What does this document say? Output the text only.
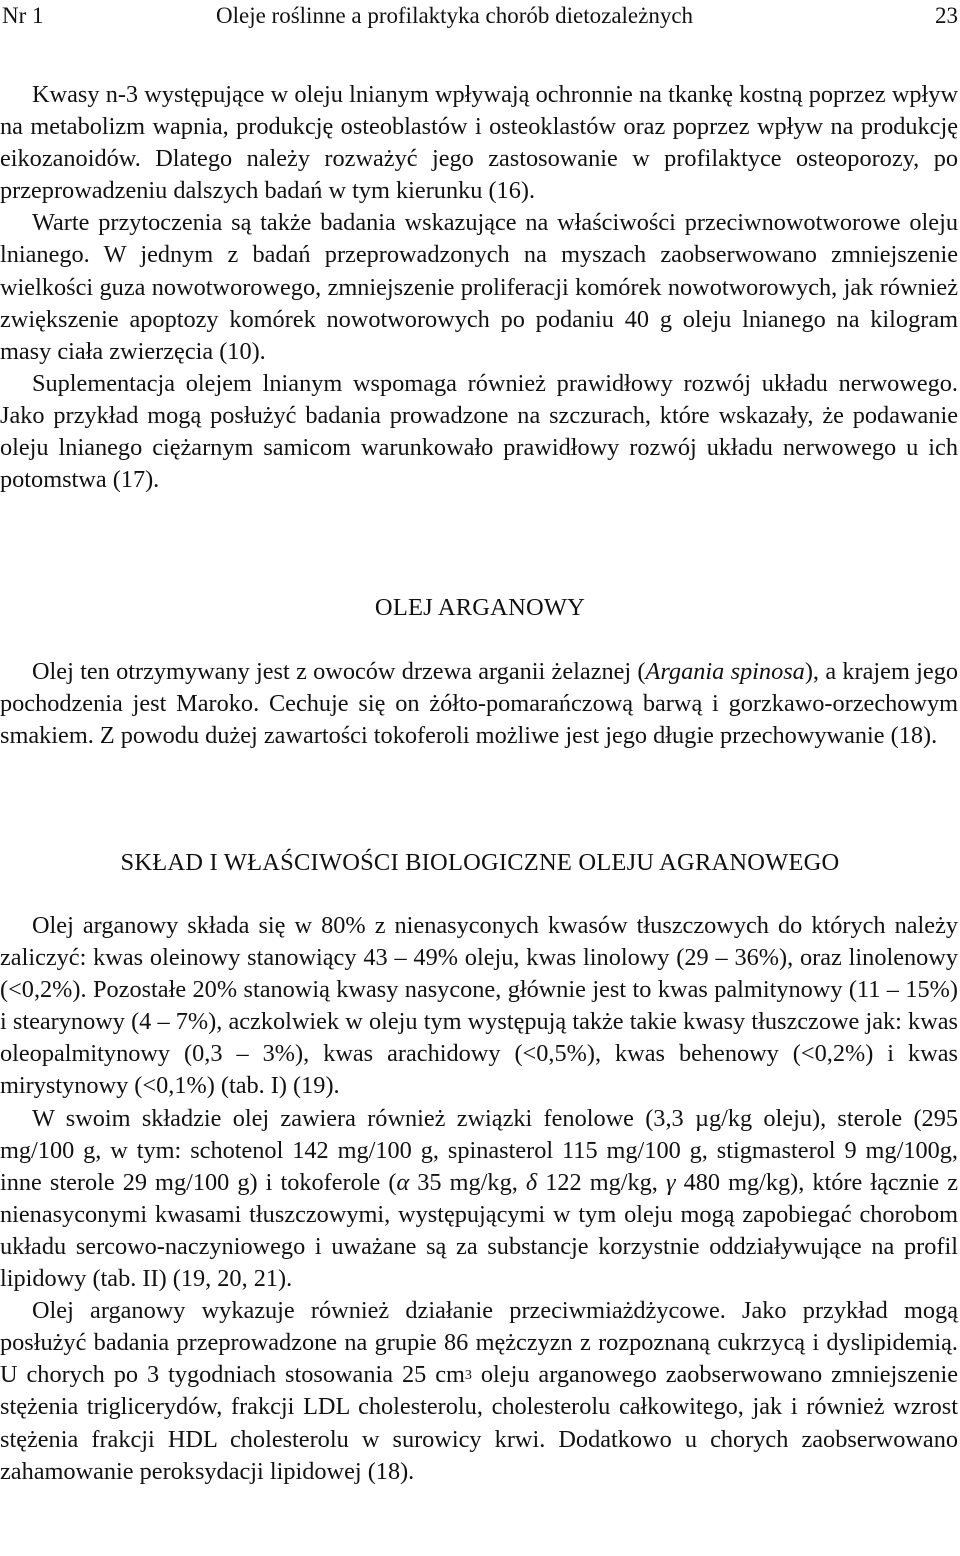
Nr 1	Oleje roślinne a profilaktyka chorób dietozależnych	23

Kwasy n-3 występujące w oleju lnianym wpływają ochronnie na tkankę kostną poprzez wpływ na metabolizm wapnia, produkcję osteoblastów i osteoklastów oraz poprzez wpływ na produkcję eikozanoidów. Dlatego należy rozważyć jego zastosowanie w profilaktyce osteoporozy, po przeprowadzeniu dalszych badań w tym kierunku (16).

Warte przytoczenia są także badania wskazujące na właściwości przeciwnowotworowe oleju lnianego. W jednym z badań przeprowadzonych na myszach zaobserwowano zmniejszenie wielkości guza nowotworowego, zmniejszenie proliferacji komórek nowotworowych, jak również zwiększenie apoptozy komórek nowotworowych po podaniu 40 g oleju lnianego na kilogram masy ciała zwierzęcia (10).

Suplementacja olejem lnianym wspomaga również prawidłowy rozwój układu nerwowego. Jako przykład mogą posłużyć badania prowadzone na szczurach, które wskazały, że podawanie oleju lnianego ciężarnym samicom warunkowało prawidłowy rozwój układu nerwowego u ich potomstwa (17).

OLEJ ARGANOWY

Olej ten otrzymywany jest z owoców drzewa arganii żelaznej (Argania spinosa), a krajem jego pochodzenia jest Maroko. Cechuje się on żółto-pomarańczową barwą i gorzkawo-orzechowym smakiem. Z powodu dużej zawartości tokoferoli możliwe jest jego długie przechowywanie (18).

SKŁAD I WŁAŚCIWOŚCI BIOLOGICZNE OLEJU AGRANOWEGO

Olej arganowy składa się w 80% z nienasyconych kwasów tłuszczowych do których należy zaliczyć: kwas oleinowy stanowiący 43 – 49% oleju, kwas linolowy (29 – 36%), oraz linolenowy (<0,2%). Pozostałe 20% stanowią kwasy nasycone, głównie jest to kwas palmitynowy (11 – 15%) i stearynowy (4 – 7%), aczkolwiek w oleju tym występują także takie kwasy tłuszczowe jak: kwas oleopalmitynowy (0,3 – 3%), kwas arachidowy (<0,5%), kwas behenowy (<0,2%) i kwas mirystynowy (<0,1%) (tab. I) (19).

W swoim składzie olej zawiera również związki fenolowe (3,3 µg/kg oleju), sterole (295 mg/100 g, w tym: schotenol 142 mg/100 g, spinasterol 115 mg/100 g, stigmasterol 9 mg/100g, inne sterole 29 mg/100 g) i tokoferole (α 35 mg/kg, δ 122 mg/kg, γ 480 mg/kg), które łącznie z nienasyconymi kwasami tłuszczowymi, występującymi w tym oleju mogą zapobiegać chorobom układu sercowo-naczyniowego i uważane są za substancje korzystnie oddziaływujące na profil lipidowy (tab. II) (19, 20, 21).

Olej arganowy wykazuje również działanie przeciwmiażdżycowe. Jako przykład mogą posłużyć badania przeprowadzone na grupie 86 mężczyzn z rozpoznaną cukrzycą i dyslipidemią. U chorych po 3 tygodniach stosowania 25 $cm^3$ oleju arganowego zaobserwowano zmniejszenie stężenia triglicerydów, frakcji LDL cholesterolu, cholesterolu całkowitego, jak i również wzrost stężenia frakcji HDL cholesterolu w surowicy krwi. Dodatkowo u chorych zaobserwowano zahamowanie peroksydacji lipidowej (18).
